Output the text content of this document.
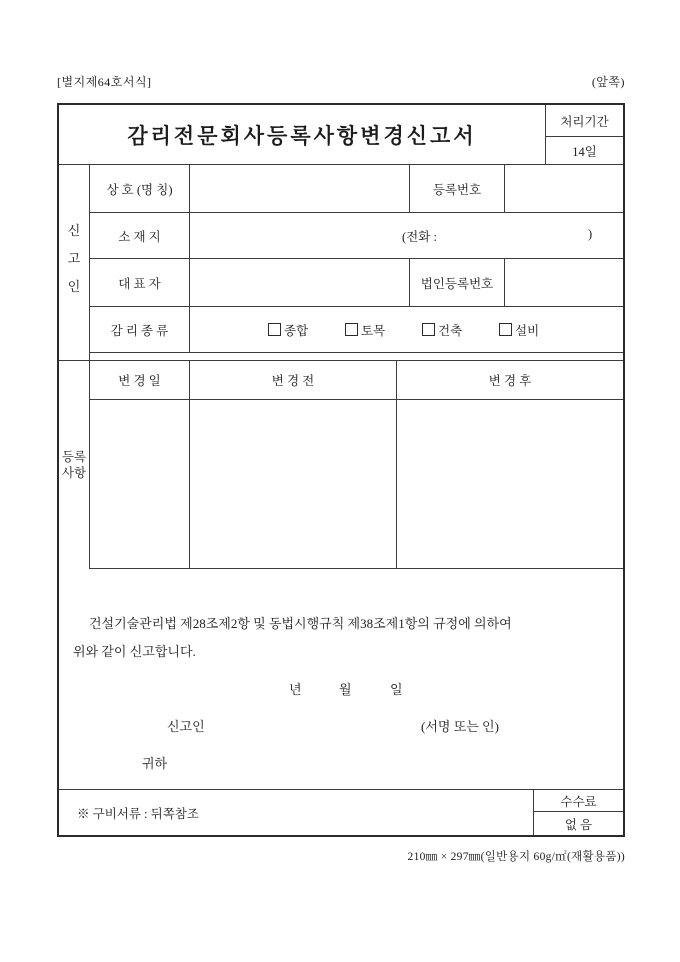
[별지제64호서식]	(앞쪽)
감리전문회사등록사항변경신고서
처리기간
14일
신
고
인
상 호 (명 칭)	등록번호
소 재 지	(전화 :	)
대 표 자	법인등록번호
감 리 종 류	종합	토목	건축	설비
등록
사항
변 경 일	변 경 전	변 경 후
건설기술관리법 제28조제2항 및 동법시행규칙 제38조제1항의 규정에 의하여
위와 같이 신고합니다.
년	월	일
신고인	(서명 또는 인)
귀하
※ 구비서류 : 뒤쪽참조
수수료
없 음
210㎜ × 297㎜(일반용지 60g/㎡(재활용품))
